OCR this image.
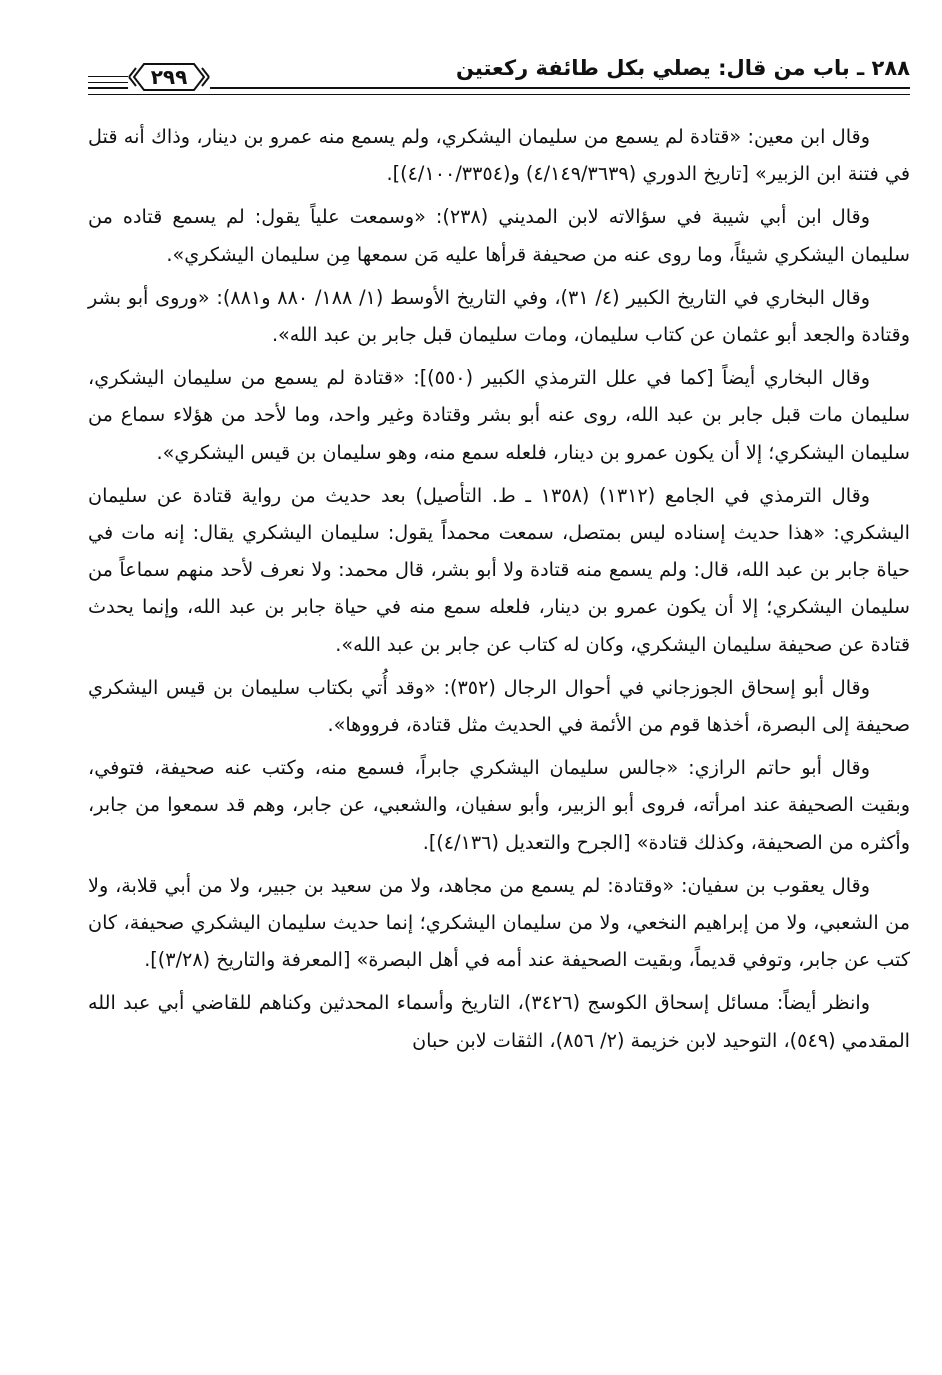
٢٨٨ ـ باب من قال: يصلي بكل طائفة ركعتين
٢٩٩

وقال ابن معين: «قتادة لم يسمع من سليمان اليشكري، ولم يسمع منه عمرو بن دينار، وذاك أنه قتل في فتنة ابن الزبير» [تاريخ الدوري (٤/١٤٩/٣٦٣٩) و(٤/١٠٠/٣٣٥٤)].

وقال ابن أبي شيبة في سؤالاته لابن المديني (٢٣٨): «وسمعت علياً يقول: لم يسمع قتاده من سليمان اليشكري شيئاً، وما روى عنه من صحيفة قرأها عليه مَن سمعها مِن سليمان اليشكري».

وقال البخاري في التاريخ الكبير (٤/ ٣١)، وفي التاريخ الأوسط (١/ ١٨٨/ ٨٨٠ و٨٨١): «وروى أبو بشر وقتادة والجعد أبو عثمان عن كتاب سليمان، ومات سليمان قبل جابر بن عبد الله».

وقال البخاري أيضاً [كما في علل الترمذي الكبير (٥٥٠)]: «قتادة لم يسمع من سليمان اليشكري، سليمان مات قبل جابر بن عبد الله، روى عنه أبو بشر وقتادة وغير واحد، وما لأحد من هؤلاء سماع من سليمان اليشكري؛ إلا أن يكون عمرو بن دينار، فلعله سمع منه، وهو سليمان بن قيس اليشكري».

وقال الترمذي في الجامع (١٣١٢) (١٣٥٨ ـ ط. التأصيل) بعد حديث من رواية قتادة عن سليمان اليشكري: «هذا حديث إسناده ليس بمتصل، سمعت محمداً يقول: سليمان اليشكري يقال: إنه مات في حياة جابر بن عبد الله، قال: ولم يسمع منه قتادة ولا أبو بشر، قال محمد: ولا نعرف لأحد منهم سماعاً من سليمان اليشكري؛ إلا أن يكون عمرو بن دينار، فلعله سمع منه في حياة جابر بن عبد الله، وإنما يحدث قتادة عن صحيفة سليمان اليشكري، وكان له كتاب عن جابر بن عبد الله».

وقال أبو إسحاق الجوزجاني في أحوال الرجال (٣٥٢): «وقد أُتي بكتاب سليمان بن قيس اليشكري صحيفة إلى البصرة، أخذها قوم من الأئمة في الحديث مثل قتادة، فرووها».

وقال أبو حاتم الرازي: «جالس سليمان اليشكري جابراً، فسمع منه، وكتب عنه صحيفة، فتوفي، وبقيت الصحيفة عند امرأته، فروى أبو الزبير، وأبو سفيان، والشعبي، عن جابر، وهم قد سمعوا من جابر، وأكثره من الصحيفة، وكذلك قتادة» [الجرح والتعديل (٤/١٣٦)].

وقال يعقوب بن سفيان: «وقتادة: لم يسمع من مجاهد، ولا من سعيد بن جبير، ولا من أبي قلابة، ولا من الشعبي، ولا من إبراهيم النخعي، ولا من سليمان اليشكري؛ إنما حديث سليمان اليشكري صحيفة، كان كتب عن جابر، وتوفي قديماً، وبقيت الصحيفة عند أمه في أهل البصرة» [المعرفة والتاريخ (٣/٢٨)].

وانظر أيضاً: مسائل إسحاق الكوسج (٣٤٢٦)، التاريخ وأسماء المحدثين وكناهم للقاضي أبي عبد الله المقدمي (٥٤٩)، التوحيد لابن خزيمة (٢/ ٨٥٦)، الثقات لابن حبان
